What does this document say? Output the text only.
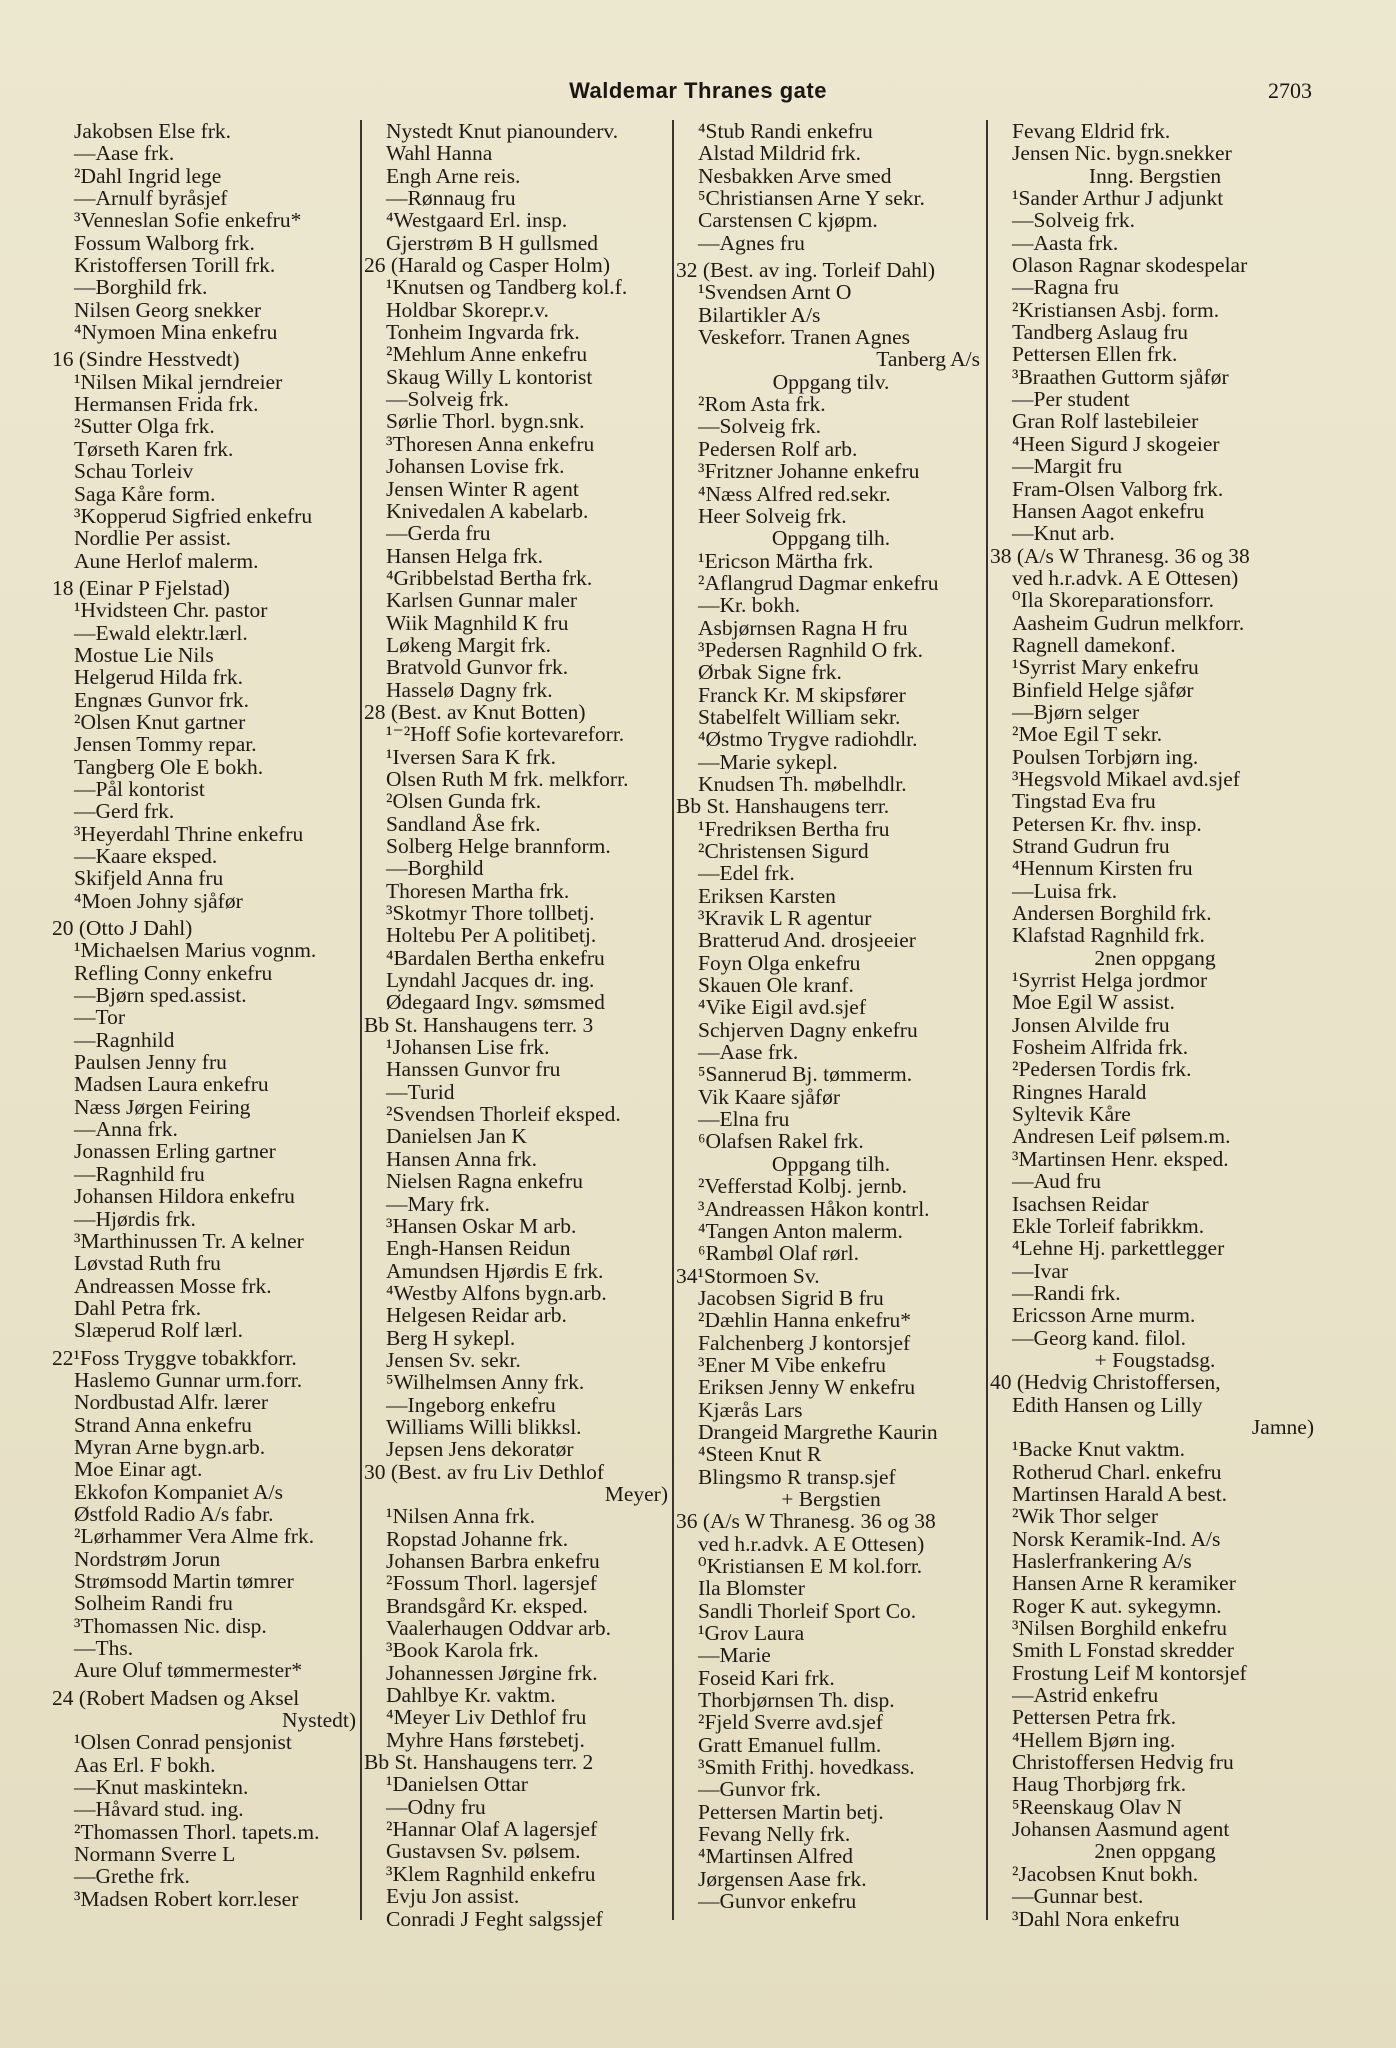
Waldemar Thranes gate	2703
Jakobsen Else frk.
—Aase frk.
²Dahl Ingrid lege
—Arnulf byråsjef
³Venneslan Sofie enkefru*
Fossum Walborg frk.
Kristoffersen Torill frk.
—Borghild frk.
Nilsen Georg snekker
⁴Nymoen Mina enkefru
16 (Sindre Hesstvedt)
¹Nilsen Mikal jerndreier
Hermansen Frida frk.
²Sutter Olga frk.
Tørseth Karen frk.
Schau Torleiv
Saga Kåre form.
³Kopperud Sigfried enkefru
Nordlie Per assist.
Aune Herlof malerm.
18 (Einar P Fjelstad)
¹Hvidsteen Chr. pastor
—Ewald elektr.lærl.
Mostue Lie Nils
Helgerud Hilda frk.
Engnæs Gunvor frk.
²Olsen Knut gartner
Jensen Tommy repar.
Tangberg Ole E bokh.
—Pål kontorist
—Gerd frk.
³Heyerdahl Thrine enkefru
—Kaare eksped.
Skifjeld Anna fru
⁴Moen Johny sjåfør
20 (Otto J Dahl)
¹Michaelsen Marius vognm.
Refling Conny enkefru
—Bjørn sped.assist.
—Tor
—Ragnhild
Paulsen Jenny fru
Madsen Laura enkefru
Næss Jørgen Feiring
—Anna frk.
Jonassen Erling gartner
—Ragnhild fru
Johansen Hildora enkefru
—Hjørdis frk.
³Marthinussen Tr. A kelner
Løvstad Ruth fru
Andreassen Mosse frk.
Dahl Petra frk.
Slæperud Rolf lærl.
22¹Foss Tryggve tobakkforr.
Haslemo Gunnar urm.forr.
Nordbustad Alfr. lærer
Strand Anna enkefru
Myran Arne bygn.arb.
Moe Einar agt.
Ekkofon Kompaniet A/s
Østfold Radio A/s fabr.
²Lørhammer Vera Alme frk.
Nordstrøm Jorun
Strømsodd Martin tømrer
Solheim Randi fru
³Thomassen Nic. disp.
—Ths.
Aure Oluf tømmermester*
24 (Robert Madsen og Aksel
Nystedt)
¹Olsen Conrad pensjonist
Aas Erl. F bokh.
—Knut maskintekn.
—Håvard stud. ing.
²Thomassen Thorl. tapets.m.
Normann Sverre L
—Grethe frk.
³Madsen Robert korr.leser
Nystedt Knut pianounderv.
Wahl Hanna
Engh Arne reis.
—Rønnaug fru
⁴Westgaard Erl. insp.
Gjerstrøm B H gullsmed
26 (Harald og Casper Holm)
¹Knutsen og Tandberg kol.f.
Holdbar Skorepr.v.
Tonheim Ingvarda frk.
²Mehlum Anne enkefru
Skaug Willy L kontorist
—Solveig frk.
Sørlie Thorl. bygn.snk.
³Thoresen Anna enkefru
Johansen Lovise frk.
Jensen Winter R agent
Knivedalen A kabelarb.
—Gerda fru
Hansen Helga frk.
⁴Gribbelstad Bertha frk.
Karlsen Gunnar maler
Wiik Magnhild K fru
Løkeng Margit frk.
Bratvold Gunvor frk.
Hasselø Dagny frk.
28 (Best. av Knut Botten)
¹⁻²Hoff Sofie kortevareforr.
¹Iversen Sara K frk.
Olsen Ruth M frk. melkforr.
²Olsen Gunda frk.
Sandland Åse frk.
Solberg Helge brannform.
—Borghild
Thoresen Martha frk.
³Skotmyr Thore tollbetj.
Holtebu Per A politibetj.
⁴Bardalen Bertha enkefru
Lyndahl Jacques dr. ing.
Ødegaard Ingv. sømsmed
Bb St. Hanshaugens terr. 3
¹Johansen Lise frk.
Hanssen Gunvor fru
—Turid
²Svendsen Thorleif eksped.
Danielsen Jan K
Hansen Anna frk.
Nielsen Ragna enkefru
—Mary frk.
³Hansen Oskar M arb.
Engh-Hansen Reidun
Amundsen Hjørdis E frk.
⁴Westby Alfons bygn.arb.
Helgesen Reidar arb.
Berg H sykepl.
Jensen Sv. sekr.
⁵Wilhelmsen Anny frk.
—Ingeborg enkefru
Williams Willi blikksl.
Jepsen Jens dekoratør
30 (Best. av fru Liv Dethlof
Meyer)
¹Nilsen Anna frk.
Ropstad Johanne frk.
Johansen Barbra enkefru
²Fossum Thorl. lagersjef
Brandsgård Kr. eksped.
Vaalerhaugen Oddvar arb.
³Book Karola frk.
Johannessen Jørgine frk.
Dahlbye Kr. vaktm.
⁴Meyer Liv Dethlof fru
Myhre Hans førstebetj.
Bb St. Hanshaugens terr. 2
¹Danielsen Ottar
—Odny fru
²Hannar Olaf A lagersjef
Gustavsen Sv. pølsem.
³Klem Ragnhild enkefru
Evju Jon assist.
Conradi J Feght salgssjef
⁴Stub Randi enkefru
Alstad Mildrid frk.
Nesbakken Arve smed
⁵Christiansen Arne Y sekr.
Carstensen C kjøpm.
—Agnes fru
32 (Best. av ing. Torleif Dahl)
¹Svendsen Arnt O
Bilartikler A/s
Veskeforr. Tranen Agnes
Tanberg A/s
Oppgang tilv.
²Rom Asta frk.
—Solveig frk.
Pedersen Rolf arb.
³Fritzner Johanne enkefru
⁴Næss Alfred red.sekr.
Heer Solveig frk.
Oppgang tilh.
¹Ericson Märtha frk.
²Aflangrud Dagmar enkefru
—Kr. bokh.
Asbjørnsen Ragna H fru
³Pedersen Ragnhild O frk.
Ørbak Signe frk.
Franck Kr. M skipsfører
Stabelfelt William sekr.
⁴Østmo Trygve radiohdlr.
—Marie sykepl.
Knudsen Th. møbelhdlr.
Bb St. Hanshaugens terr.
¹Fredriksen Bertha fru
²Christensen Sigurd
—Edel frk.
Eriksen Karsten
³Kravik L R agentur
Bratterud And. drosjeeier
Foyn Olga enkefru
Skauen Ole kranf.
⁴Vike Eigil avd.sjef
Schjerven Dagny enkefru
—Aase frk.
⁵Sannerud Bj. tømmerm.
Vik Kaare sjåfør
—Elna fru
⁶Olafsen Rakel frk.
Oppgang tilh.
²Vefferstad Kolbj. jernb.
³Andreassen Håkon kontrl.
⁴Tangen Anton malerm.
⁶Rambøl Olaf rørl.
34¹Stormoen Sv.
Jacobsen Sigrid B fru
²Dæhlin Hanna enkefru*
Falchenberg J kontorsjef
³Ener M Vibe enkefru
Eriksen Jenny W enkefru
Kjærås Lars
Drangeid Margrethe Kaurin
⁴Steen Knut R
Blingsmo R transp.sjef
+ Bergstien
36 (A/s W Thranesg. 36 og 38
ved h.r.advk. A E Ottesen)
⁰Kristiansen E M kol.forr.
Ila Blomster
Sandli Thorleif Sport Co.
¹Grov Laura
—Marie
Foseid Kari frk.
Thorbjørnsen Th. disp.
²Fjeld Sverre avd.sjef
Gratt Emanuel fullm.
³Smith Frithj. hovedkass.
—Gunvor frk.
Pettersen Martin betj.
Fevang Nelly frk.
⁴Martinsen Alfred
Jørgensen Aase frk.
—Gunvor enkefru
Fevang Eldrid frk.
Jensen Nic. bygn.snekker
Inng. Bergstien
¹Sander Arthur J adjunkt
—Solveig frk.
—Aasta frk.
Olason Ragnar skodespelar
—Ragna fru
²Kristiansen Asbj. form.
Tandberg Aslaug fru
Pettersen Ellen frk.
³Braathen Guttorm sjåfør
—Per student
Gran Rolf lastebileier
⁴Heen Sigurd J skogeier
—Margit fru
Fram-Olsen Valborg frk.
Hansen Aagot enkefru
—Knut arb.
38 (A/s W Thranesg. 36 og 38
ved h.r.advk. A E Ottesen)
⁰Ila Skoreparationsforr.
Aasheim Gudrun melkforr.
Ragnell damekonf.
¹Syrrist Mary enkefru
Binfield Helge sjåfør
—Bjørn selger
²Moe Egil T sekr.
Poulsen Torbjørn ing.
³Hegsvold Mikael avd.sjef
Tingstad Eva fru
Petersen Kr. fhv. insp.
Strand Gudrun fru
⁴Hennum Kirsten fru
—Luisa frk.
Andersen Borghild frk.
Klafstad Ragnhild frk.
2nen oppgang
¹Syrrist Helga jordmor
Moe Egil W assist.
Jonsen Alvilde fru
Fosheim Alfrida frk.
²Pedersen Tordis frk.
Ringnes Harald
Syltevik Kåre
Andresen Leif pølsem.m.
³Martinsen Henr. eksped.
—Aud fru
Isachsen Reidar
Ekle Torleif fabrikkm.
⁴Lehne Hj. parkettlegger
—Ivar
—Randi frk.
Ericsson Arne murm.
—Georg kand. filol.
+ Fougstadsg.
40 (Hedvig Christoffersen,
Edith Hansen og Lilly
Jamne)
¹Backe Knut vaktm.
Rotherud Charl. enkefru
Martinsen Harald A best.
²Wik Thor selger
Norsk Keramik-Ind. A/s
Haslerfrankering A/s
Hansen Arne R keramiker
Roger K aut. sykegymn.
³Nilsen Borghild enkefru
Smith L Fonstad skredder
Frostung Leif M kontorsjef
—Astrid enkefru
Pettersen Petra frk.
⁴Hellem Bjørn ing.
Christoffersen Hedvig fru
Haug Thorbjørg frk.
⁵Reenskaug Olav N
Johansen Aasmund agent
2nen oppgang
²Jacobsen Knut bokh.
—Gunnar best.
³Dahl Nora enkefru
